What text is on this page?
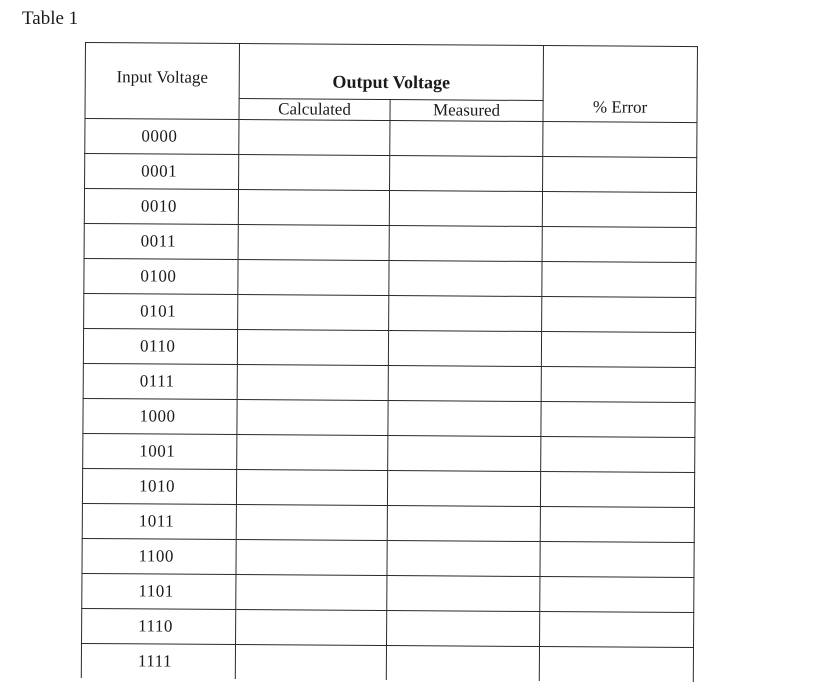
Table 1
Input Voltage	Output Voltage		% Error
	Calculated	Measured	
0000			
0001			
0010			
0011			
0100			
0101			
0110			
0111			
1000			
1001			
1010			
1011			
1100			
1101			
1110			
1111			
